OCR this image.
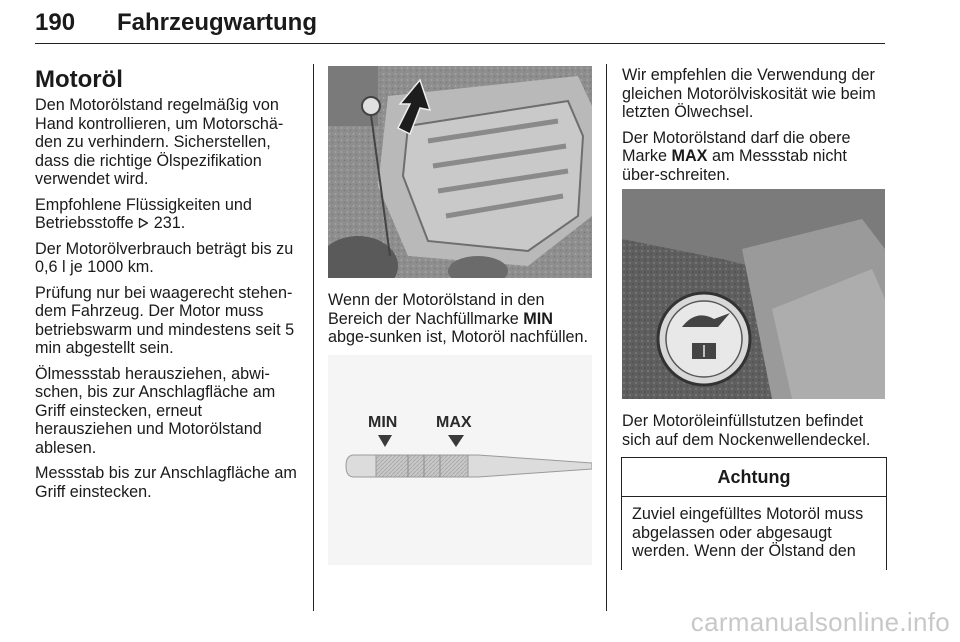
190 Fahrzeugwartung
Motoröl

Den Motorölstand regelmäßig von Hand kontrollieren, um Motorschä-den zu verhindern. Sicherstellen, dass die richtige Ölspezifikation verwendet wird.

Empfohlene Flüssigkeiten und Betriebsstoffe 231.

Der Motorölverbrauch beträgt bis zu 0,6 l je 1000 km.

Prüfung nur bei waagerecht stehen-dem Fahrzeug. Der Motor muss betriebswarm und mindestens seit 5 min abgestellt sein.

Ölmessstab herausziehen, abwi-schen, bis zur Anschlagfläche am Griff einstecken, erneut herausziehen und Motorölstand ablesen.

Messstab bis zur Anschlagfläche am Griff einstecken.

Wenn der Motorölstand in den Bereich der Nachfüllmarke MIN abge-sunken ist, Motoröl nachfüllen.

MIN MAX

Wir empfehlen die Verwendung der gleichen Motorölviskosität wie beim letzten Ölwechsel.

Der Motorölstand darf die obere Marke MAX am Messstab nicht über-schreiten.

Der Motoröleinfüllstutzen befindet sich auf dem Nockenwellendeckel.

Achtung
Zuviel eingefülltes Motoröl muss abgelassen oder abgesaugt werden. Wenn der Ölstand den
carmanualsonline.info
